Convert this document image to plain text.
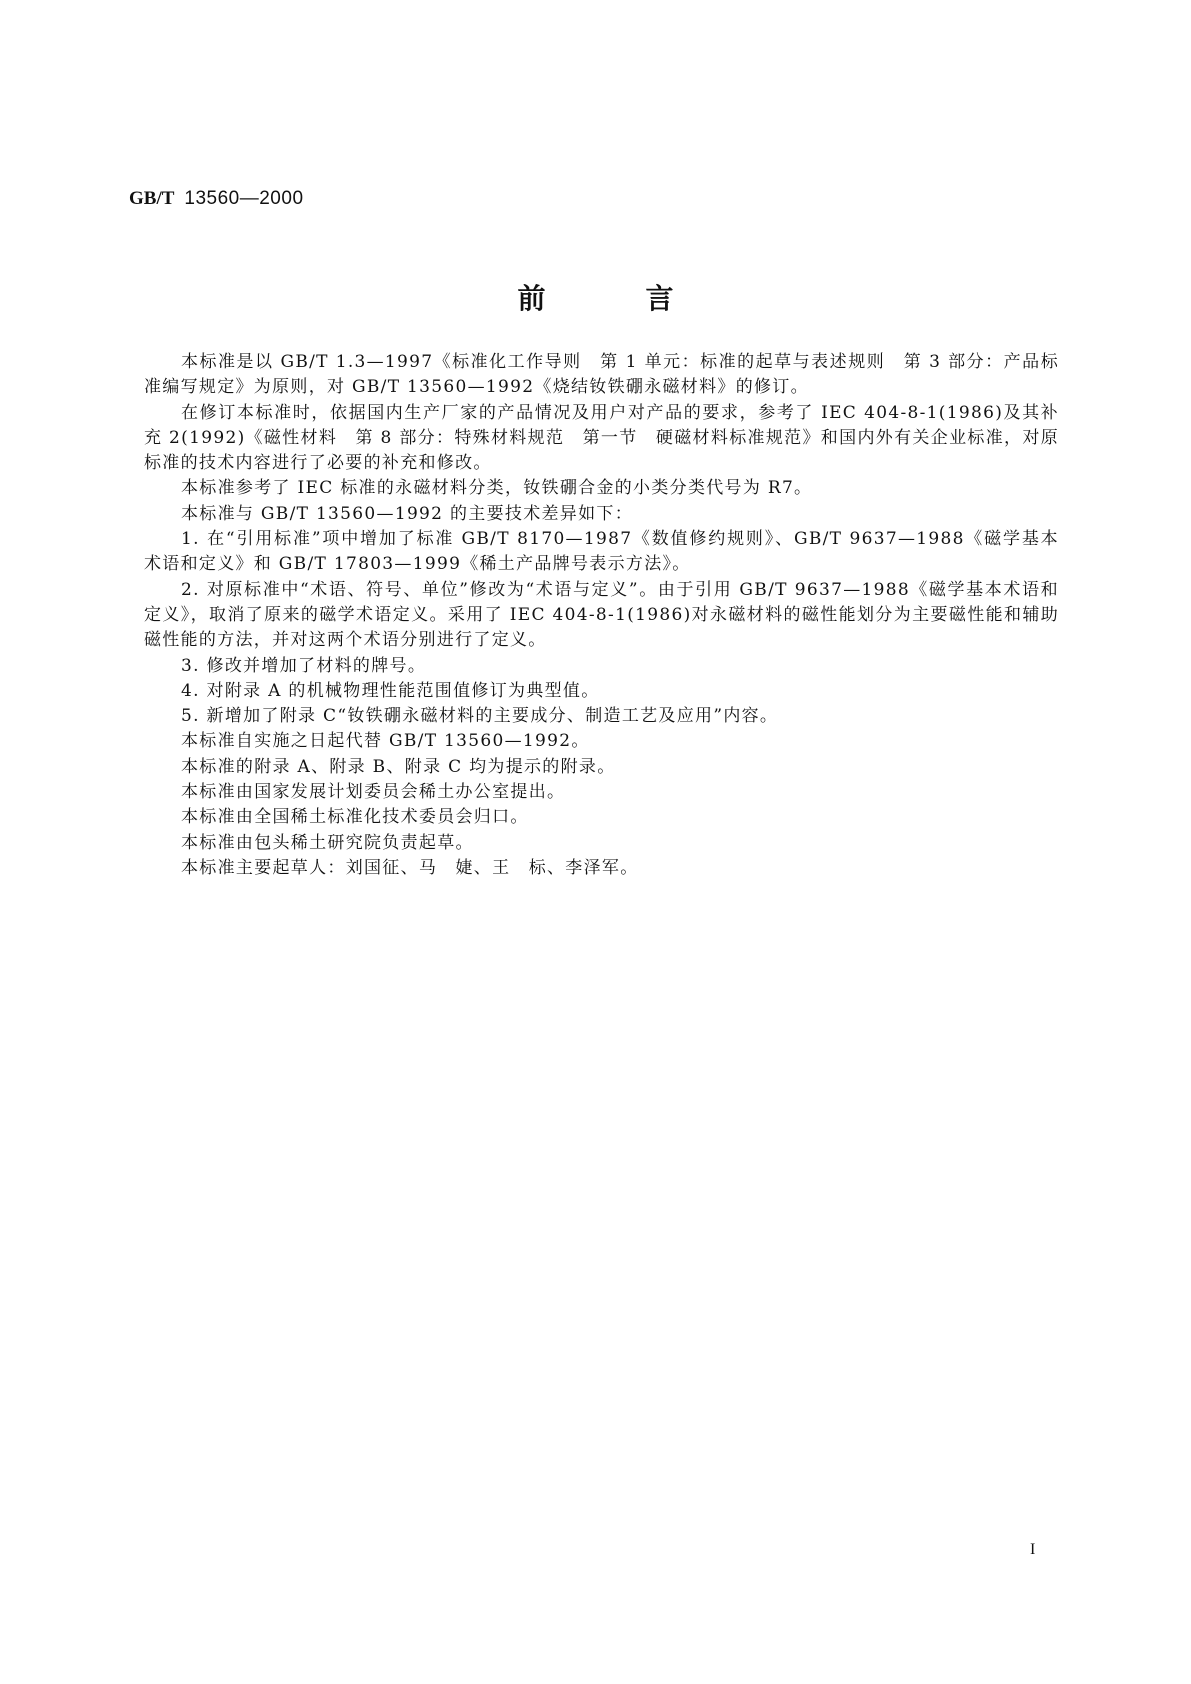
GB/T 13560—2000
前	言

本标准是以 GB/T 1.3—1997《标准化工作导则　第 1 单元：标准的起草与表述规则　第 3 部分：产品标准编写规定》为原则，对 GB/T 13560—1992《烧结钕铁硼永磁材料》的修订。

在修订本标准时，依据国内生产厂家的产品情况及用户对产品的要求，参考了 IEC 404-8-1(1986)及其补充 2(1992)《磁性材料　第 8 部分：特殊材料规范　第一节　硬磁材料标准规范》和国内外有关企业标准，对原标准的技术内容进行了必要的补充和修改。

本标准参考了 IEC 标准的永磁材料分类，钕铁硼合金的小类分类代号为 R7。

本标准与 GB/T 13560—1992 的主要技术差异如下：

1. 在“引用标准”项中增加了标准 GB/T 8170—1987《数值修约规则》、GB/T 9637—1988《磁学基本术语和定义》和 GB/T 17803—1999《稀土产品牌号表示方法》。

2. 对原标准中“术语、符号、单位”修改为“术语与定义”。由于引用 GB/T 9637—1988《磁学基本术语和定义》，取消了原来的磁学术语定义。采用了 IEC 404-8-1(1986)对永磁材料的磁性能划分为主要磁性能和辅助磁性能的方法，并对这两个术语分别进行了定义。

3. 修改并增加了材料的牌号。

4. 对附录 A 的机械物理性能范围值修订为典型值。

5. 新增加了附录 C“钕铁硼永磁材料的主要成分、制造工艺及应用”内容。

本标准自实施之日起代替 GB/T 13560—1992。

本标准的附录 A、附录 B、附录 C 均为提示的附录。

本标准由国家发展计划委员会稀土办公室提出。

本标准由全国稀土标准化技术委员会归口。

本标准由包头稀土研究院负责起草。

本标准主要起草人：刘国征、马　婕、王　标、李泽军。

I
